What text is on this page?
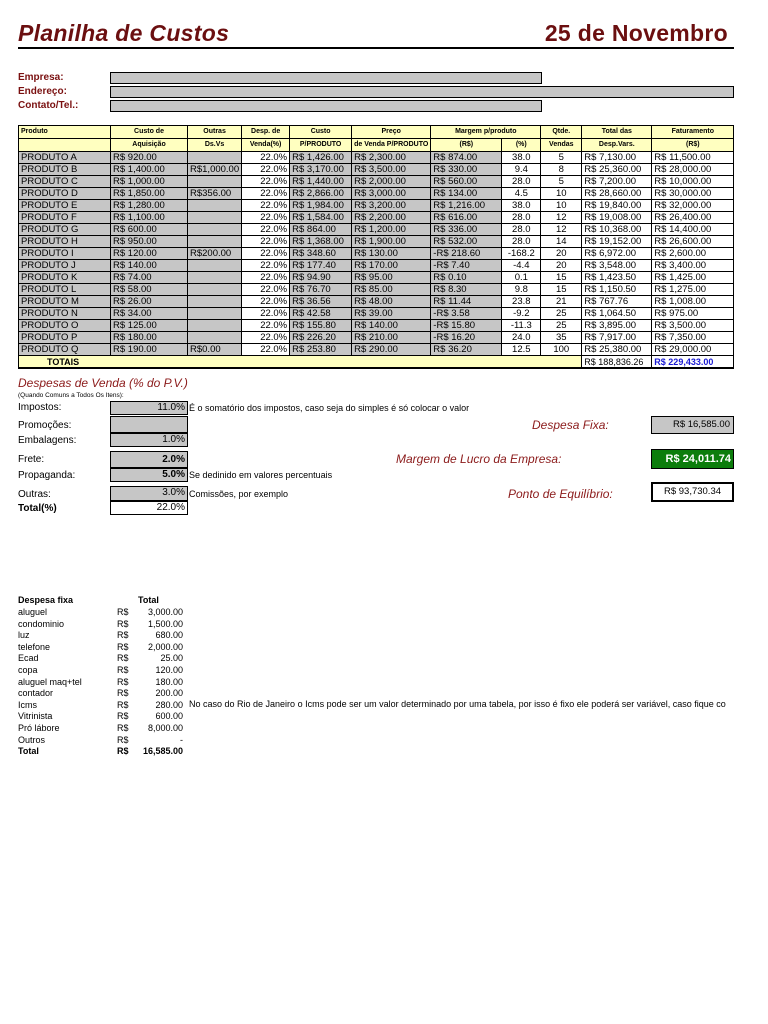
Planilha de Custos	25 de Novembro
Empresa:
Endereço:
Contato/Tel.:
Produto	Custo de	Outras	Desp. de	Custo	Preço	Margem p/produto		Qtde.	Total das	Faturamento
	Aquisição	Ds.Vs	Venda(%)	P/PRODUTO	de Venda P/PRODUTO	(R$)	(%)	Vendas	Desp.Vars.	(R$)
PRODUTO A	R$ 920.00		22.0%	R$ 1,426.00	R$ 2,300.00	R$ 874.00	38.0	5	R$ 7,130.00	R$ 11,500.00
PRODUTO B	R$ 1,400.00	R$1,000.00	22.0%	R$ 3,170.00	R$ 3,500.00	R$ 330.00	9.4	8	R$ 25,360.00	R$ 28,000.00
PRODUTO C	R$ 1,000.00		22.0%	R$ 1,440.00	R$ 2,000.00	R$ 560.00	28.0	5	R$ 7,200.00	R$ 10,000.00
PRODUTO D	R$ 1,850.00	R$356.00	22.0%	R$ 2,866.00	R$ 3,000.00	R$ 134.00	4.5	10	R$ 28,660.00	R$ 30,000.00
PRODUTO E	R$ 1,280.00		22.0%	R$ 1,984.00	R$ 3,200.00	R$ 1,216.00	38.0	10	R$ 19,840.00	R$ 32,000.00
PRODUTO F	R$ 1,100.00		22.0%	R$ 1,584.00	R$ 2,200.00	R$ 616.00	28.0	12	R$ 19,008.00	R$ 26,400.00
PRODUTO G	R$ 600.00		22.0%	R$ 864.00	R$ 1,200.00	R$ 336.00	28.0	12	R$ 10,368.00	R$ 14,400.00
PRODUTO H	R$ 950.00		22.0%	R$ 1,368.00	R$ 1,900.00	R$ 532.00	28.0	14	R$ 19,152.00	R$ 26,600.00
PRODUTO I	R$ 120.00	R$200.00	22.0%	R$ 348.60	R$ 130.00	-R$ 218.60	-168.2	20	R$ 6,972.00	R$ 2,600.00
PRODUTO J	R$ 140.00		22.0%	R$ 177.40	R$ 170.00	-R$ 7.40	-4.4	20	R$ 3,548.00	R$ 3,400.00
PRODUTO K	R$ 74.00		22.0%	R$ 94.90	R$ 95.00	R$ 0.10	0.1	15	R$ 1,423.50	R$ 1,425.00
PRODUTO L	R$ 58.00		22.0%	R$ 76.70	R$ 85.00	R$ 8.30	9.8	15	R$ 1,150.50	R$ 1,275.00
PRODUTO M	R$ 26.00		22.0%	R$ 36.56	R$ 48.00	R$ 11.44	23.8	21	R$ 767.76	R$ 1,008.00
PRODUTO N	R$ 34.00		22.0%	R$ 42.58	R$ 39.00	-R$ 3.58	-9.2	25	R$ 1,064.50	R$ 975.00
PRODUTO O	R$ 125.00		22.0%	R$ 155.80	R$ 140.00	-R$ 15.80	-11.3	25	R$ 3,895.00	R$ 3,500.00
PRODUTO P	R$ 180.00		22.0%	R$ 226.20	R$ 210.00	-R$ 16.20	24.0	35	R$ 7,917.00	R$ 7,350.00
PRODUTO Q	R$ 190.00	R$0.00	22.0%	R$ 253.80	R$ 290.00	R$ 36.20	12.5	100	R$ 25,380.00	R$ 29,000.00
TOTAIS									R$ 188,836.26	R$ 229,433.00
Despesas de Venda (% do P.V.)
(Quando Comuns a Todos Os Itens):
Impostos:	11.0% É o somatório dos impostos, caso seja do simples é só colocar o valor
Promoções:
Embalagens:	1.0%
Frete:	2.0%
Propaganda:	5.0% Se dedinido em valores percentuais
Outras:	3.0% Comissões, por exemplo
Total(%)	22.0%
Despesa Fixa:	R$ 16,585.00
Margem de Lucro da Empresa:	R$ 24,011.74
Ponto de Equilíbrio:	R$ 93,730.34
Despesa fixa	Total
aluguel	R$	3,000.00
condominio	R$	1,500.00
luz	R$	680.00
telefone	R$	2,000.00
Ecad	R$	25.00
copa	R$	120.00
aluguel maq+tel	R$	180.00
contador	R$	200.00
Icms	R$	280.00
Vitrinista	R$	600.00
Pró lábore	R$	8,000.00
Outros	R$	-
Total	R$	16,585.00
No caso do Rio de Janeiro o Icms pode ser um valor determinado por uma tabela, por isso é fixo ele poderá ser variável, caso fique co
